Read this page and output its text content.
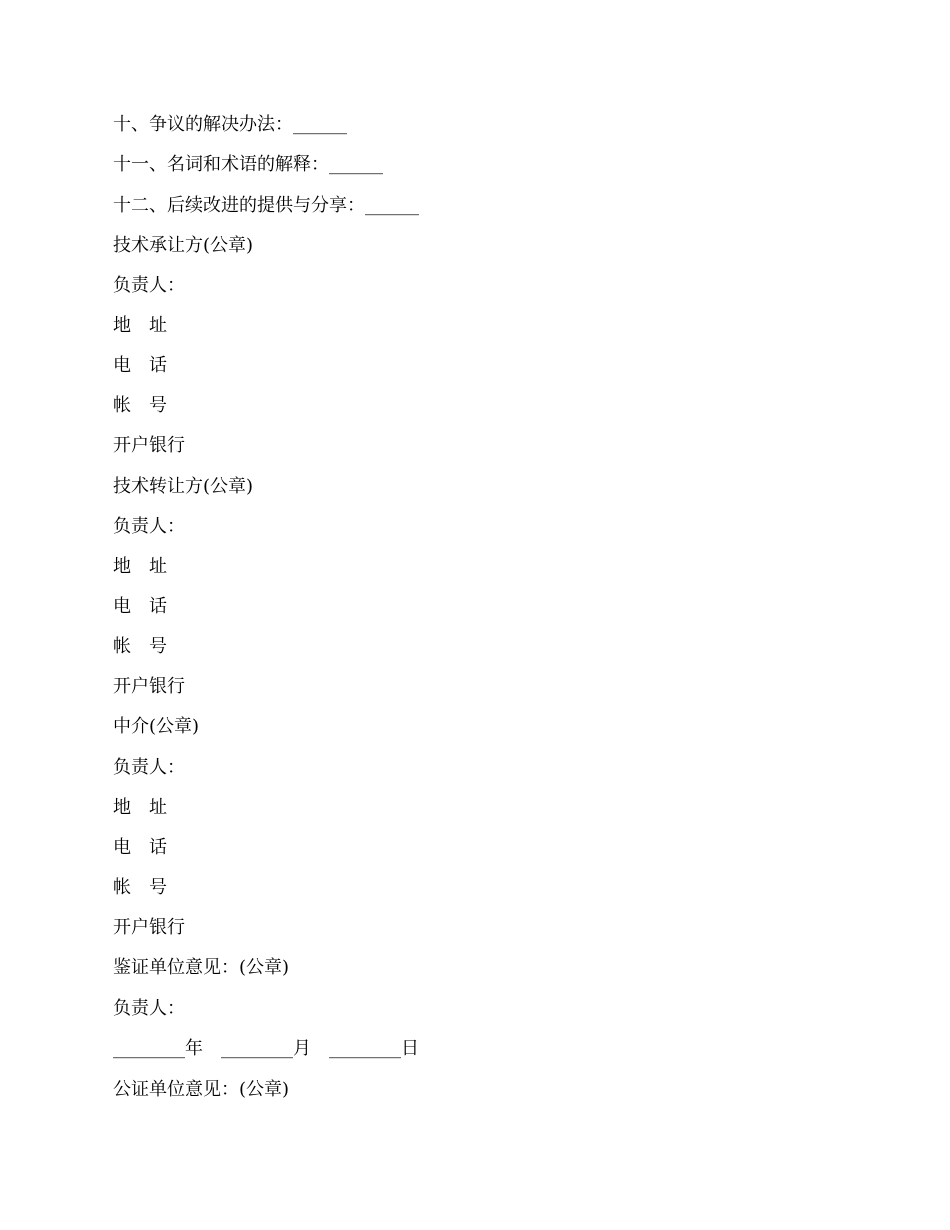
十、争议的解决办法：______
十一、名词和术语的解释：______
十二、后续改进的提供与分享：______
技术承让方(公章)
负责人：
地　址
电　话
帐　号
开户银行
技术转让方(公章)
负责人：
地　址
电　话
帐　号
开户银行
中介(公章)
负责人：
地　址
电　话
帐　号
开户银行
鉴证单位意见：(公章)
负责人：
________年　________月　________日
公证单位意见：(公章)
